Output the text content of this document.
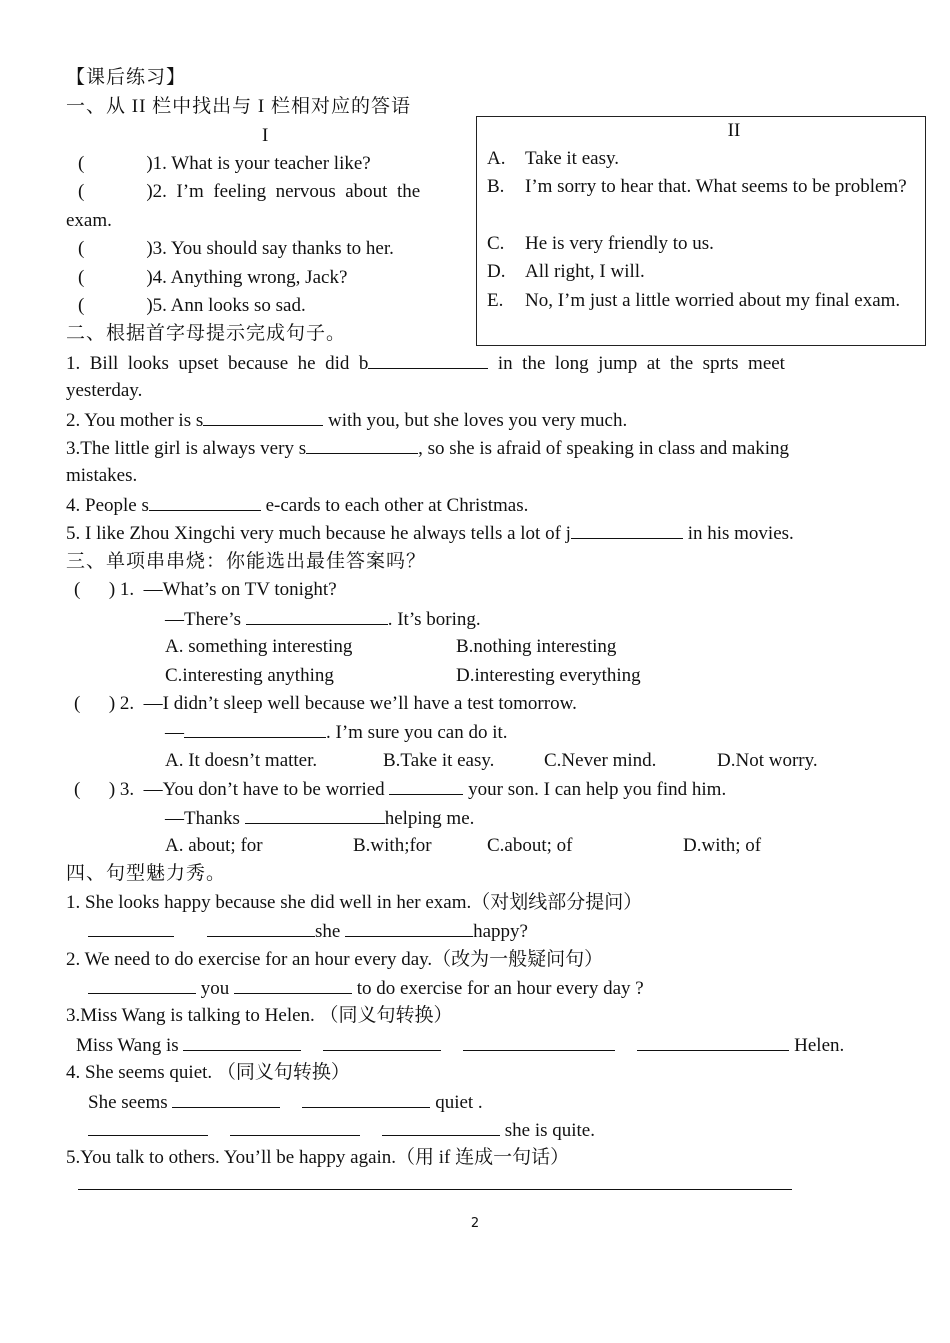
【课后练习】
一、从 II 栏中找出与 I 栏相对应的答语
I
(	)1. What is your teacher like?
(	)2.  I’m  feeling  nervous  about  the
exam.
(	)3. You should say thanks to her.
(	)4. Anything wrong, Jack?
(	)5. Ann looks so sad.
II
A. Take it easy.
B. I’m sorry to hear that. What seems to be problem?
C. He is very friendly to us.
D. All right, I will.
E. No, I’m just a little worried about my final exam.
二、根据首字母提示完成句子。
1.  Bill  looks  upset  because  he  did  b	in  the  long  jump  at  the  sprts  meet
yesterday.
2. You mother is s	with you, but she loves you very much.
3.The little girl is always very s	, so she is afraid of speaking in class and making
mistakes.
4. People s	e-cards to each other at Christmas.
5. I like Zhou Xingchi very much because he always tells a lot of j	in his movies.
三、单项串串烧：你能选出最佳答案吗？
(      ) 1.  —What’s on TV tonight?
—There’s	. It’s boring.
A. something interesting	B.nothing interesting
C.interesting anything	D.interesting everything
(      ) 2.  —I didn’t sleep well because we’ll have a test tomorrow.
—	. I’m sure you can do it.
A. It doesn’t matter.	B.Take it easy.	C.Never mind.	D.Not worry.
(      ) 3.  —You don’t have to be worried	your son. I can help you find him.
—Thanks	helping me.
A. about; for	B.with;for	C.about; of	D.with; of
四、句型魅力秀。
1. She looks happy because she did well in her exam.（对划线部分提问）
she	happy?
2. We need to do exercise for an hour every day.（改为一般疑问句）
you	to do exercise for an hour every day ?
3.Miss Wang is talking to Helen. （同义句转换）
Miss Wang is	Helen.
4. She seems quiet. （同义句转换）
She seems	quiet .
she is quite.
5.You talk to others. You’ll be happy again.（用 if 连成一句话）
2
